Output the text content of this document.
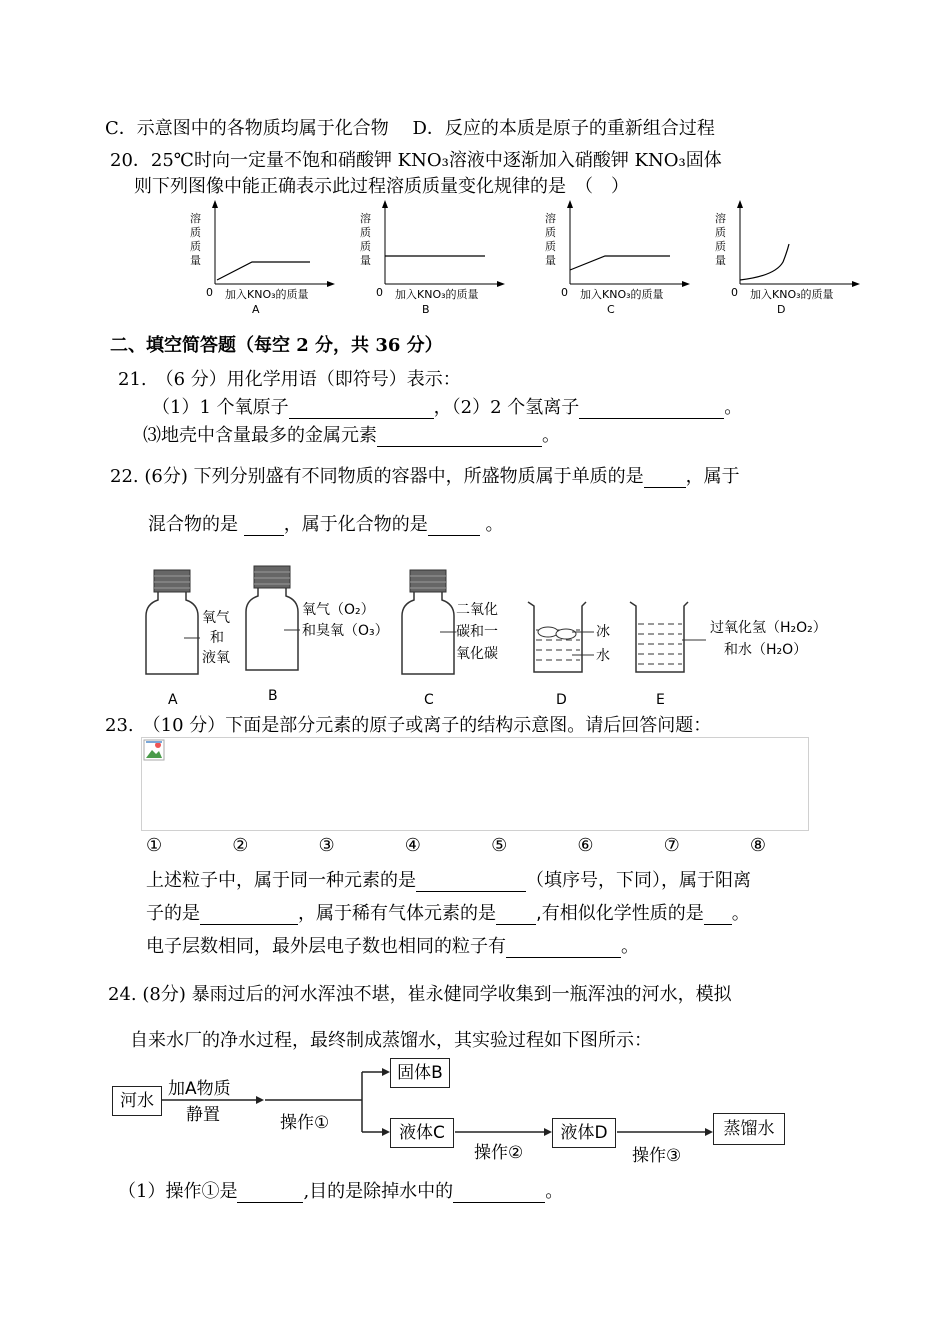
C．示意图中的各物质均属于化合物　 D．反应的本质是原子的重新组合过程
20．25℃时向一定量不饱和硝酸钾 KNO₃溶液中逐渐加入硝酸钾 KNO₃固体
则下列图像中能正确表示此过程溶质质量变化规律的是　（　）
溶
质
质
量
0 加入KNO₃的质量
A
溶
质
质
量
0 加入KNO₃的质量
B
溶
质
质
量
0 加入KNO₃的质量
C
溶
质
质
量
0 加入KNO₃的质量
D
二、填空简答题（每空 2 分，共 36 分）
21.　（6 分）用化学用语（即符号）表示：
（1）1 个氧原子	，（2）2 个氢离子	。
⑶地壳中含量最多的金属元素	。
22. (6分) 下列分别盛有不同物质的容器中，所盛物质属于单质的是 ，属于
混合物的是	，属于化合物的是	。
氧气
和
液氧
A
氧气（O₂）
和臭氧（O₃）
B
二氧化
碳和一
氧化碳
C
冰
水
D
过氧化氢（H₂O₂）
和水（H₂O）
E
23.　（10 分）下面是部分元素的原子或离子的结构示意图。请后回答问题：
①	②	③	④	⑤	⑥	⑦	⑧
上述粒子中，属于同一种元素的是	（填序号，下同），属于阳离
子的是	，属于稀有气体元素的是 ,有相似化学性质的是 。
电子层数相同，最外层电子数也相同的粒子有	。
24. (8分) 暴雨过后的河水浑浊不堪，崔永健同学收集到一瓶浑浊的河水，模拟
自来水厂的净水过程，最终制成蒸馏水，其实验过程如下图所示：
河水
加A物质
静置	操作①
固体B
液体C
操作②
液体D
操作③
蒸馏水
（1）操作①是	,目的是除掉水中的	。
